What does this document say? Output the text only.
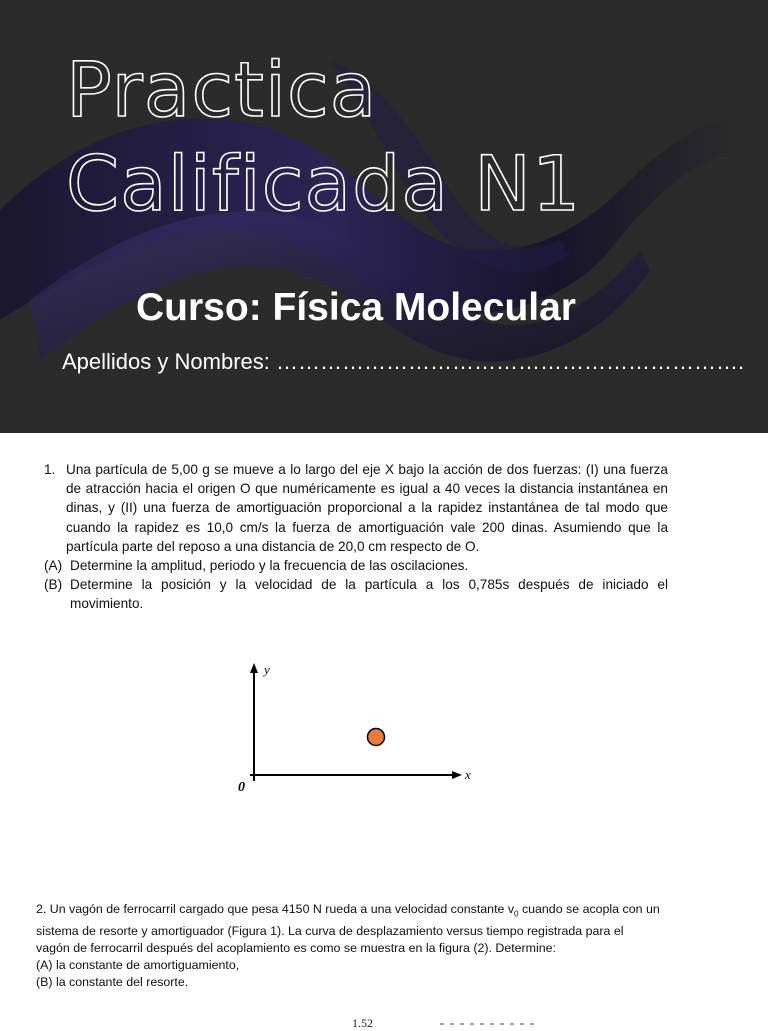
Practica
Calificada N1
Curso: Física Molecular
Apellidos y Nombres: ……………………………………………………….
1. Una partícula de 5,00 g se mueve a lo largo del eje X bajo la acción de dos fuerzas: (I) una fuerza de atracción hacia el origen O que numéricamente es igual a 40 veces la distancia instantánea en dinas, y (II) una fuerza de amortiguación proporcional a la rapidez instantánea de tal modo que cuando la rapidez es 10,0 cm/s la fuerza de amortiguación vale 200 dinas. Asumiendo que la partícula parte del reposo a una distancia de 20,0 cm respecto de O.
(A) Determine la amplitud, periodo y la frecuencia de las oscilaciones.
(B) Determine la posición y la velocidad de la partícula a los 0,785s después de iniciado el movimiento.
y
x
0

2. Un vagón de ferrocarril cargado que pesa 4150 N rueda a una velocidad constante $v_0$ cuando se acopla con un sistema de resorte y amortiguador (Figura 1). La curva de desplazamiento versus tiempo registrada para el vagón de ferrocarril después del acoplamiento es como se muestra en la figura (2). Determine:

(A) la constante de amortiguamiento,

(B) la constante del resorte.

1.52
